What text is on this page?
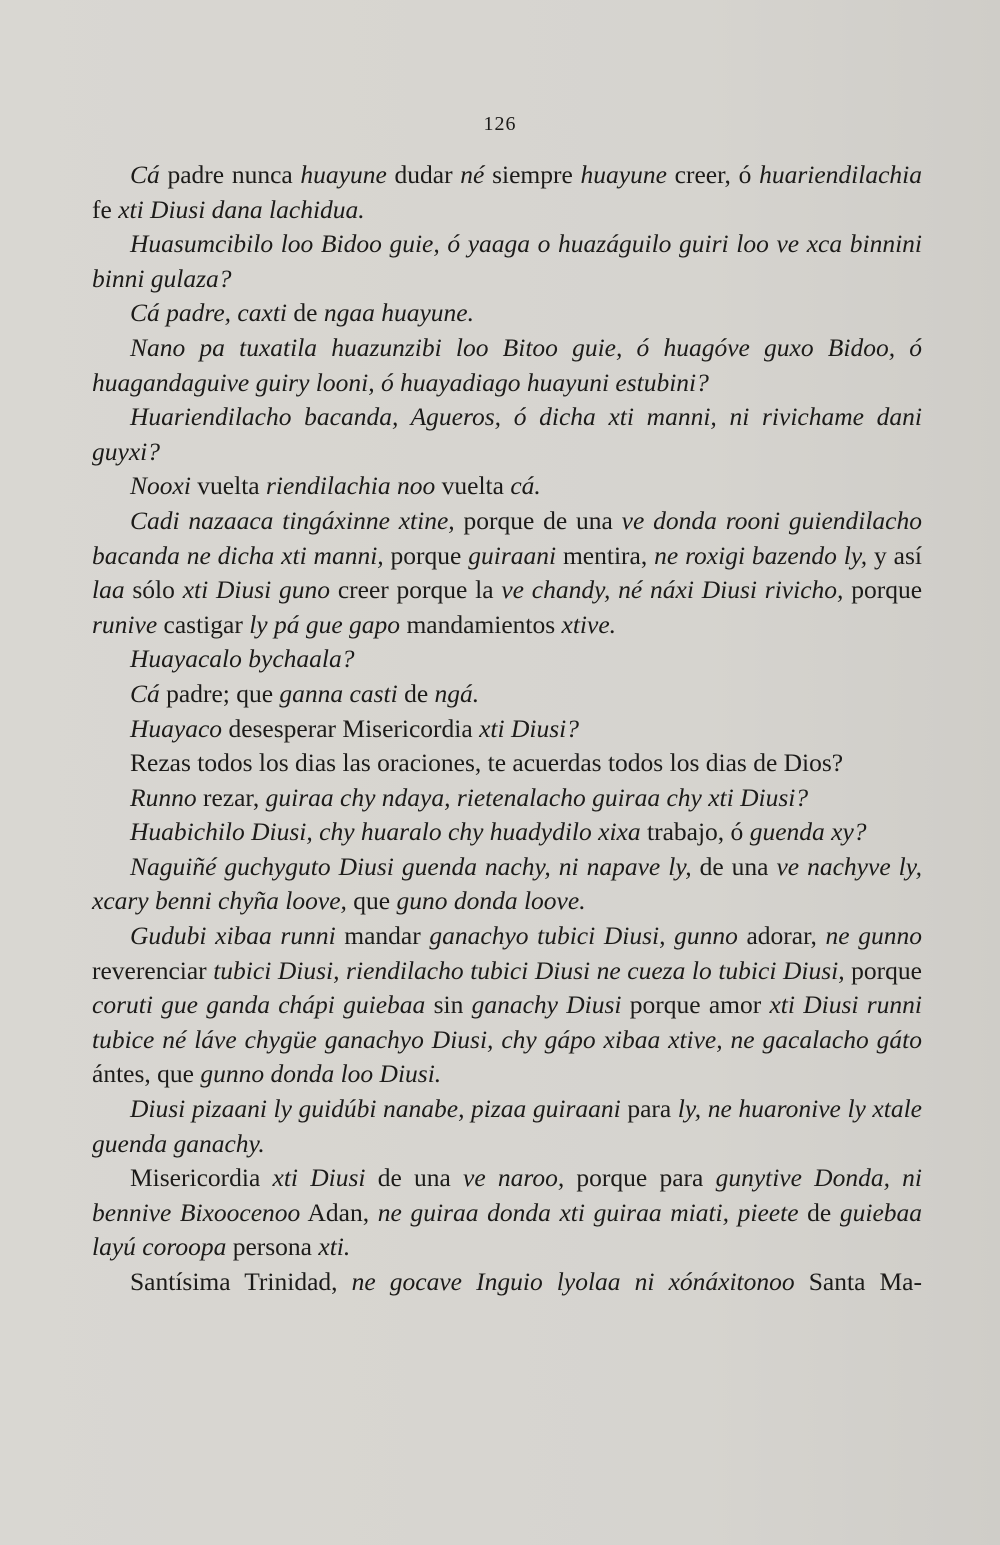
126

Cá padre nunca huayune dudar né siempre huayune creer, ó huariendilachia fe xti Diusi dana lachidua.

Huasumcibilo loo Bidoo guie, ó yaaga o huazáguilo guiri loo ve xca binnini binni gulaza?

Cá padre, caxti de ngaa huayune.

Nano pa tuxatila huazunzibi loo Bitoo guie, ó huagóve guxo Bidoo, ó huagandaguive guiry looni, ó huayadiago huayuni estubini?

Huariendilacho bacanda, Agueros, ó dicha xti manni, ni rivichame dani guyxi?

Nooxi vuelta riendilachia noo vuelta cá.

Cadi nazaaca tingáxinne xtine, porque de una ve donda rooni guiendilacho bacanda ne dicha xti manni, porque guiraani mentira, ne roxigi bazendo ly, y así laa sólo xti Diusi guno creer porque la ve chandy, né náxi Diusi rivicho, porque runive castigar ly pá gue gapo mandamientos xtive.

Huayacalo bychaala?

Cá padre; que ganna casti de ngá.

Huayaco desesperar Misericordia xti Diusi?

Rezas todos los dias las oraciones, te acuerdas todos los dias de Dios?

Runno rezar, guiraa chy ndaya, rietenalacho guiraa chy xti Diusi?

Huabichilo Diusi, chy huaralo chy huadydilo xixa trabajo, ó guenda xy?

Naguiñé guchyguto Diusi guenda nachy, ni napave ly, de una ve nachyve ly, xcary benni chyña loove, que guno donda loove.

Gudubi xibaa runni mandar ganachyo tubici Diusi, gunno adorar, ne gunno reverenciar tubici Diusi, riendilacho tubici Diusi ne cueza lo tubici Diusi, porque coruti gue ganda chápi guiebaa sin ganachy Diusi porque amor xti Diusi runni tubice né láve chygüe ganachyo Diusi, chy gápo xibaa xtive, ne gacalacho gáto ántes, que gunno donda loo Diusi.

Diusi pizaani ly guidúbi nanabe, pizaa guiraani para ly, ne huaronive ly xtale guenda ganachy.

Misericordia xti Diusi de una ve naroo, porque para gunytive Donda, ni bennive Bixoocenoo Adan, ne guiraa donda xti guiraa miati, pieete de guiebaa layú coroopa persona xti.

Santísima Trinidad, ne gocave Inguio lyolaa ni xónáxitonoo Santa Ma-
